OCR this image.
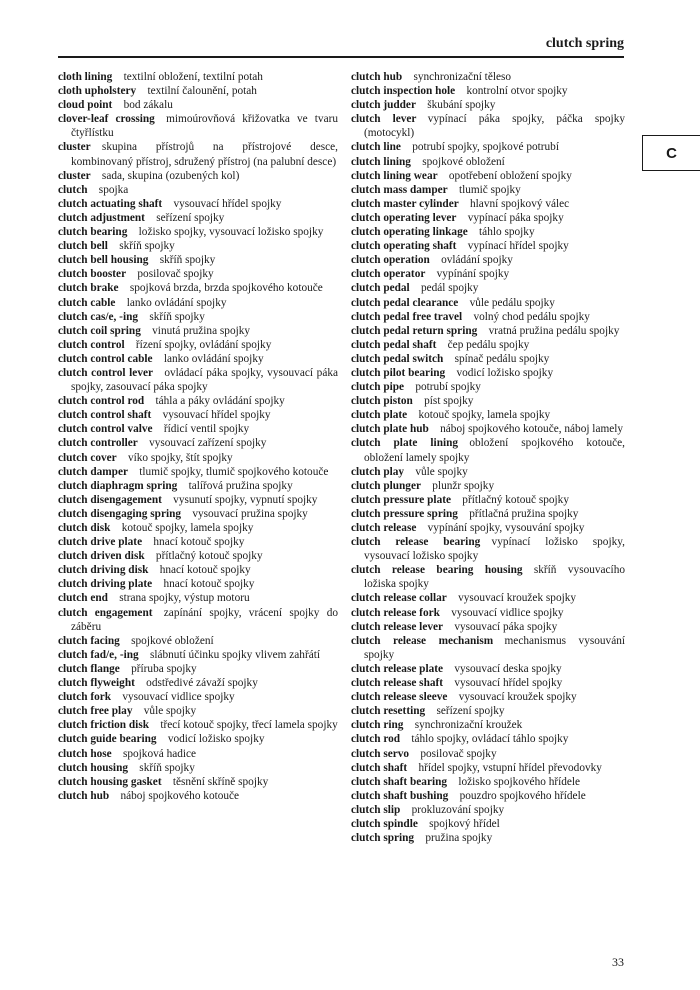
clutch spring
C
cloth lining  textilní obložení, textilní potah
cloth upholstery  textilní čalounění, potah
cloud point  bod zákalu
clover-leaf crossing  mimoúrovňová křižovatka ve tvaru čtyřlístku
cluster  skupina přístrojů na přístrojové desce, kombinovaný přístroj, sdružený přístroj (na palubní desce)
cluster  sada, skupina (ozubených kol)
clutch  spojka
clutch actuating shaft  vysouvací hřídel spojky
clutch adjustment  seřízení spojky
clutch bearing  ložisko spojky, vysouvací ložisko spojky
clutch bell  skříň spojky
clutch bell housing  skříň spojky
clutch booster  posilovač spojky
clutch brake  spojková brzda, brzda spojkového kotouče
clutch cable  lanko ovládání spojky
clutch cas/e, -ing  skříň spojky
clutch coil spring  vinutá pružina spojky
clutch control  řízení spojky, ovládání spojky
clutch control cable  lanko ovládání spojky
clutch control lever  ovládací páka spojky, vysouvací páka spojky, zasouvací páka spojky
clutch control rod  táhla a páky ovládání spojky
clutch control shaft  vysouvací hřídel spojky
clutch control valve  řídicí ventil spojky
clutch controller  vysouvací zařízení spojky
clutch cover  víko spojky, štít spojky
clutch damper  tlumič spojky, tlumič spojkového kotouče
clutch diaphragm spring  talířová pružina spojky
clutch disengagement  vysunutí spojky, vypnutí spojky
clutch disengaging spring  vysouvací pružina spojky
clutch disk  kotouč spojky, lamela spojky
clutch drive plate  hnací kotouč spojky
clutch driven disk  přítlačný kotouč spojky
clutch driving disk  hnací kotouč spojky
clutch driving plate  hnací kotouč spojky
clutch end  strana spojky, výstup motoru
clutch engagement  zapínání spojky, vrácení spojky do záběru
clutch facing  spojkové obložení
clutch fad/e, -ing  slábnutí účinku spojky vlivem zahřátí
clutch flange  příruba spojky
clutch flyweight  odstředivé závaží spojky
clutch fork  vysouvací vidlice spojky
clutch free play  vůle spojky
clutch friction disk  třecí kotouč spojky, třecí lamela spojky
clutch guide bearing  vodicí ložisko spojky
clutch hose  spojková hadice
clutch housing  skříň spojky
clutch housing gasket  těsnění skříně spojky
clutch hub  náboj spojkového kotouče
clutch hub  synchronizační těleso
clutch inspection hole  kontrolní otvor spojky
clutch judder  škubání spojky
clutch lever  vypínací páka spojky, páčka spojky (motocykl)
clutch line  potrubí spojky, spojkové potrubí
clutch lining  spojkové obložení
clutch lining wear  opotřebení obložení spojky
clutch mass damper  tlumič spojky
clutch master cylinder  hlavní spojkový válec
clutch operating lever  vypínací páka spojky
clutch operating linkage  táhlo spojky
clutch operating shaft  vypínací hřídel spojky
clutch operation  ovládání spojky
clutch operator  vypínání spojky
clutch pedal  pedál spojky
clutch pedal clearance  vůle pedálu spojky
clutch pedal free travel  volný chod pedálu spojky
clutch pedal return spring  vratná pružina pedálu spojky
clutch pedal shaft  čep pedálu spojky
clutch pedal switch  spínač pedálu spojky
clutch pilot bearing  vodicí ložisko spojky
clutch pipe  potrubí spojky
clutch piston  píst spojky
clutch plate  kotouč spojky, lamela spojky
clutch plate hub  náboj spojkového kotouče, náboj lamely
clutch plate lining  obložení spojkového kotouče, obložení lamely spojky
clutch play  vůle spojky
clutch plunger  plunžr spojky
clutch pressure plate  přítlačný kotouč spojky
clutch pressure spring  přítlačná pružina spojky
clutch release  vypínání spojky, vysouvání spojky
clutch release bearing  vypínací ložisko spojky, vysouvací ložisko spojky
clutch release bearing housing  skříň vysouvacího ložiska spojky
clutch release collar  vysouvací kroužek spojky
clutch release fork  vysouvací vidlice spojky
clutch release lever  vysouvací páka spojky
clutch release mechanism  mechanismus vysouvání spojky
clutch release plate  vysouvací deska spojky
clutch release shaft  vysouvací hřídel spojky
clutch release sleeve  vysouvací kroužek spojky
clutch resetting  seřízení spojky
clutch ring  synchronizační kroužek
clutch rod  táhlo spojky, ovládací táhlo spojky
clutch servo  posilovač spojky
clutch shaft  hřídel spojky, vstupní hřídel převodovky
clutch shaft bearing  ložisko spojkového hřídele
clutch shaft bushing  pouzdro spojkového hřídele
clutch slip  prokluzování spojky
clutch spindle  spojkový hřídel
clutch spring  pružina spojky
33
